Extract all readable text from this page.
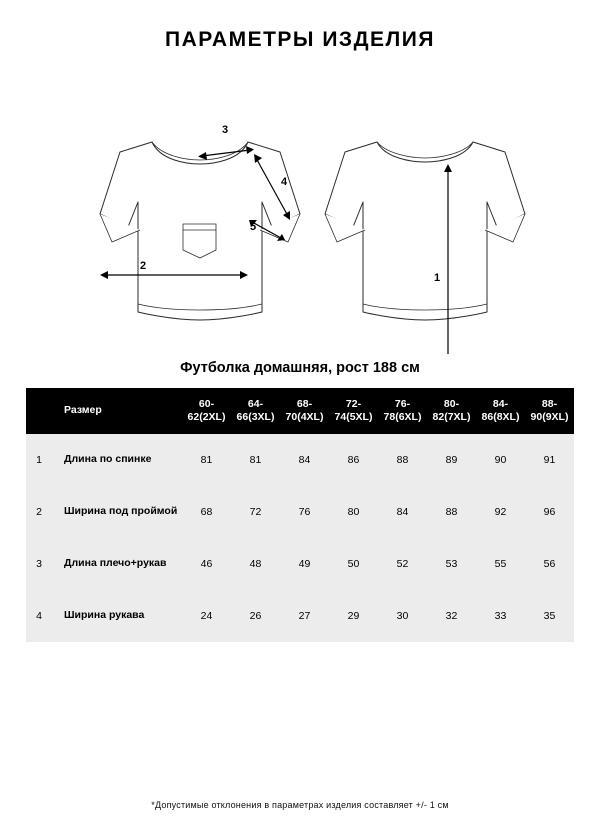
ПАРАМЕТРЫ ИЗДЕЛИЯ
2
3
4
5
1
Футболка домашняя, рост 188 см
	Размер	60-62(2XL)	64-66(3XL)	68-70(4XL)	72-74(5XL)	76-78(6XL)	80-82(7XL)	84-86(8XL)	88-90(9XL)
1	Длина по спинке	81	81	84	86	88	89	90	91
2	Ширина под проймой	68	72	76	80	84	88	92	96
3	Длина плечо+рукав	46	48	49	50	52	53	55	56
4	Ширина рукава	24	26	27	29	30	32	33	35
*Допустимые отклонения в параметрах изделия составляет +/- 1 см
